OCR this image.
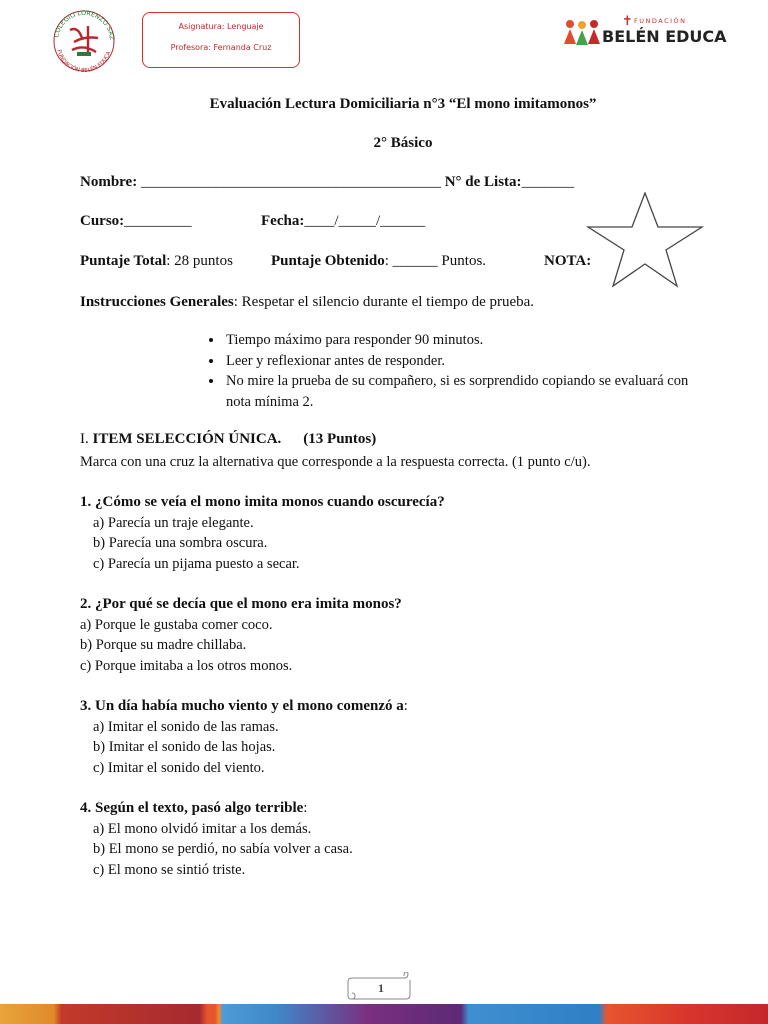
COLEGIO LORENZO SAZ
FUNDACIÓN BELÉN EDUCA
Asignatura: Lenguaje
Profesora: Fernanda Cruz
✝ FUNDACIÓN
BELÉN EDUCA
Evaluación Lectura Domiciliaria n°3 “El mono imitamonos”
2° Básico
Nombre: ________________________________________ N° de Lista:_______
Curso:_________	Fecha:____/_____/______
Puntaje Total: 28 puntos	Puntaje Obtenido: ______ Puntos.	NOTA:
Instrucciones Generales: Respetar el silencio durante el tiempo de prueba.
• Tiempo máximo para responder 90 minutos.
• Leer y reflexionar antes de responder.
• No mire la prueba de su compañero, si es sorprendido copiando se evaluará con nota mínima 2.
I. ITEM SELECCIÓN ÚNICA. (13 Puntos)
Marca con una cruz la alternativa que corresponde a la respuesta correcta. (1 punto c/u).
1. ¿Cómo se veía el mono imita monos cuando oscurecía?
a) Parecía un traje elegante.
b) Parecía una sombra oscura.
c) Parecía un pijama puesto a secar.
2. ¿Por qué se decía que el mono era imita monos?
a) Porque le gustaba comer coco.
b) Porque su madre chillaba.
c) Porque imitaba a los otros monos.
3. Un día había mucho viento y el mono comenzó a:
a) Imitar el sonido de las ramas.
b) Imitar el sonido de las hojas.
c) Imitar el sonido del viento.
4. Según el texto, pasó algo terrible:
a) El mono olvidó imitar a los demás.
b) El mono se perdió, no sabía volver a casa.
c) El mono se sintió triste.
1
